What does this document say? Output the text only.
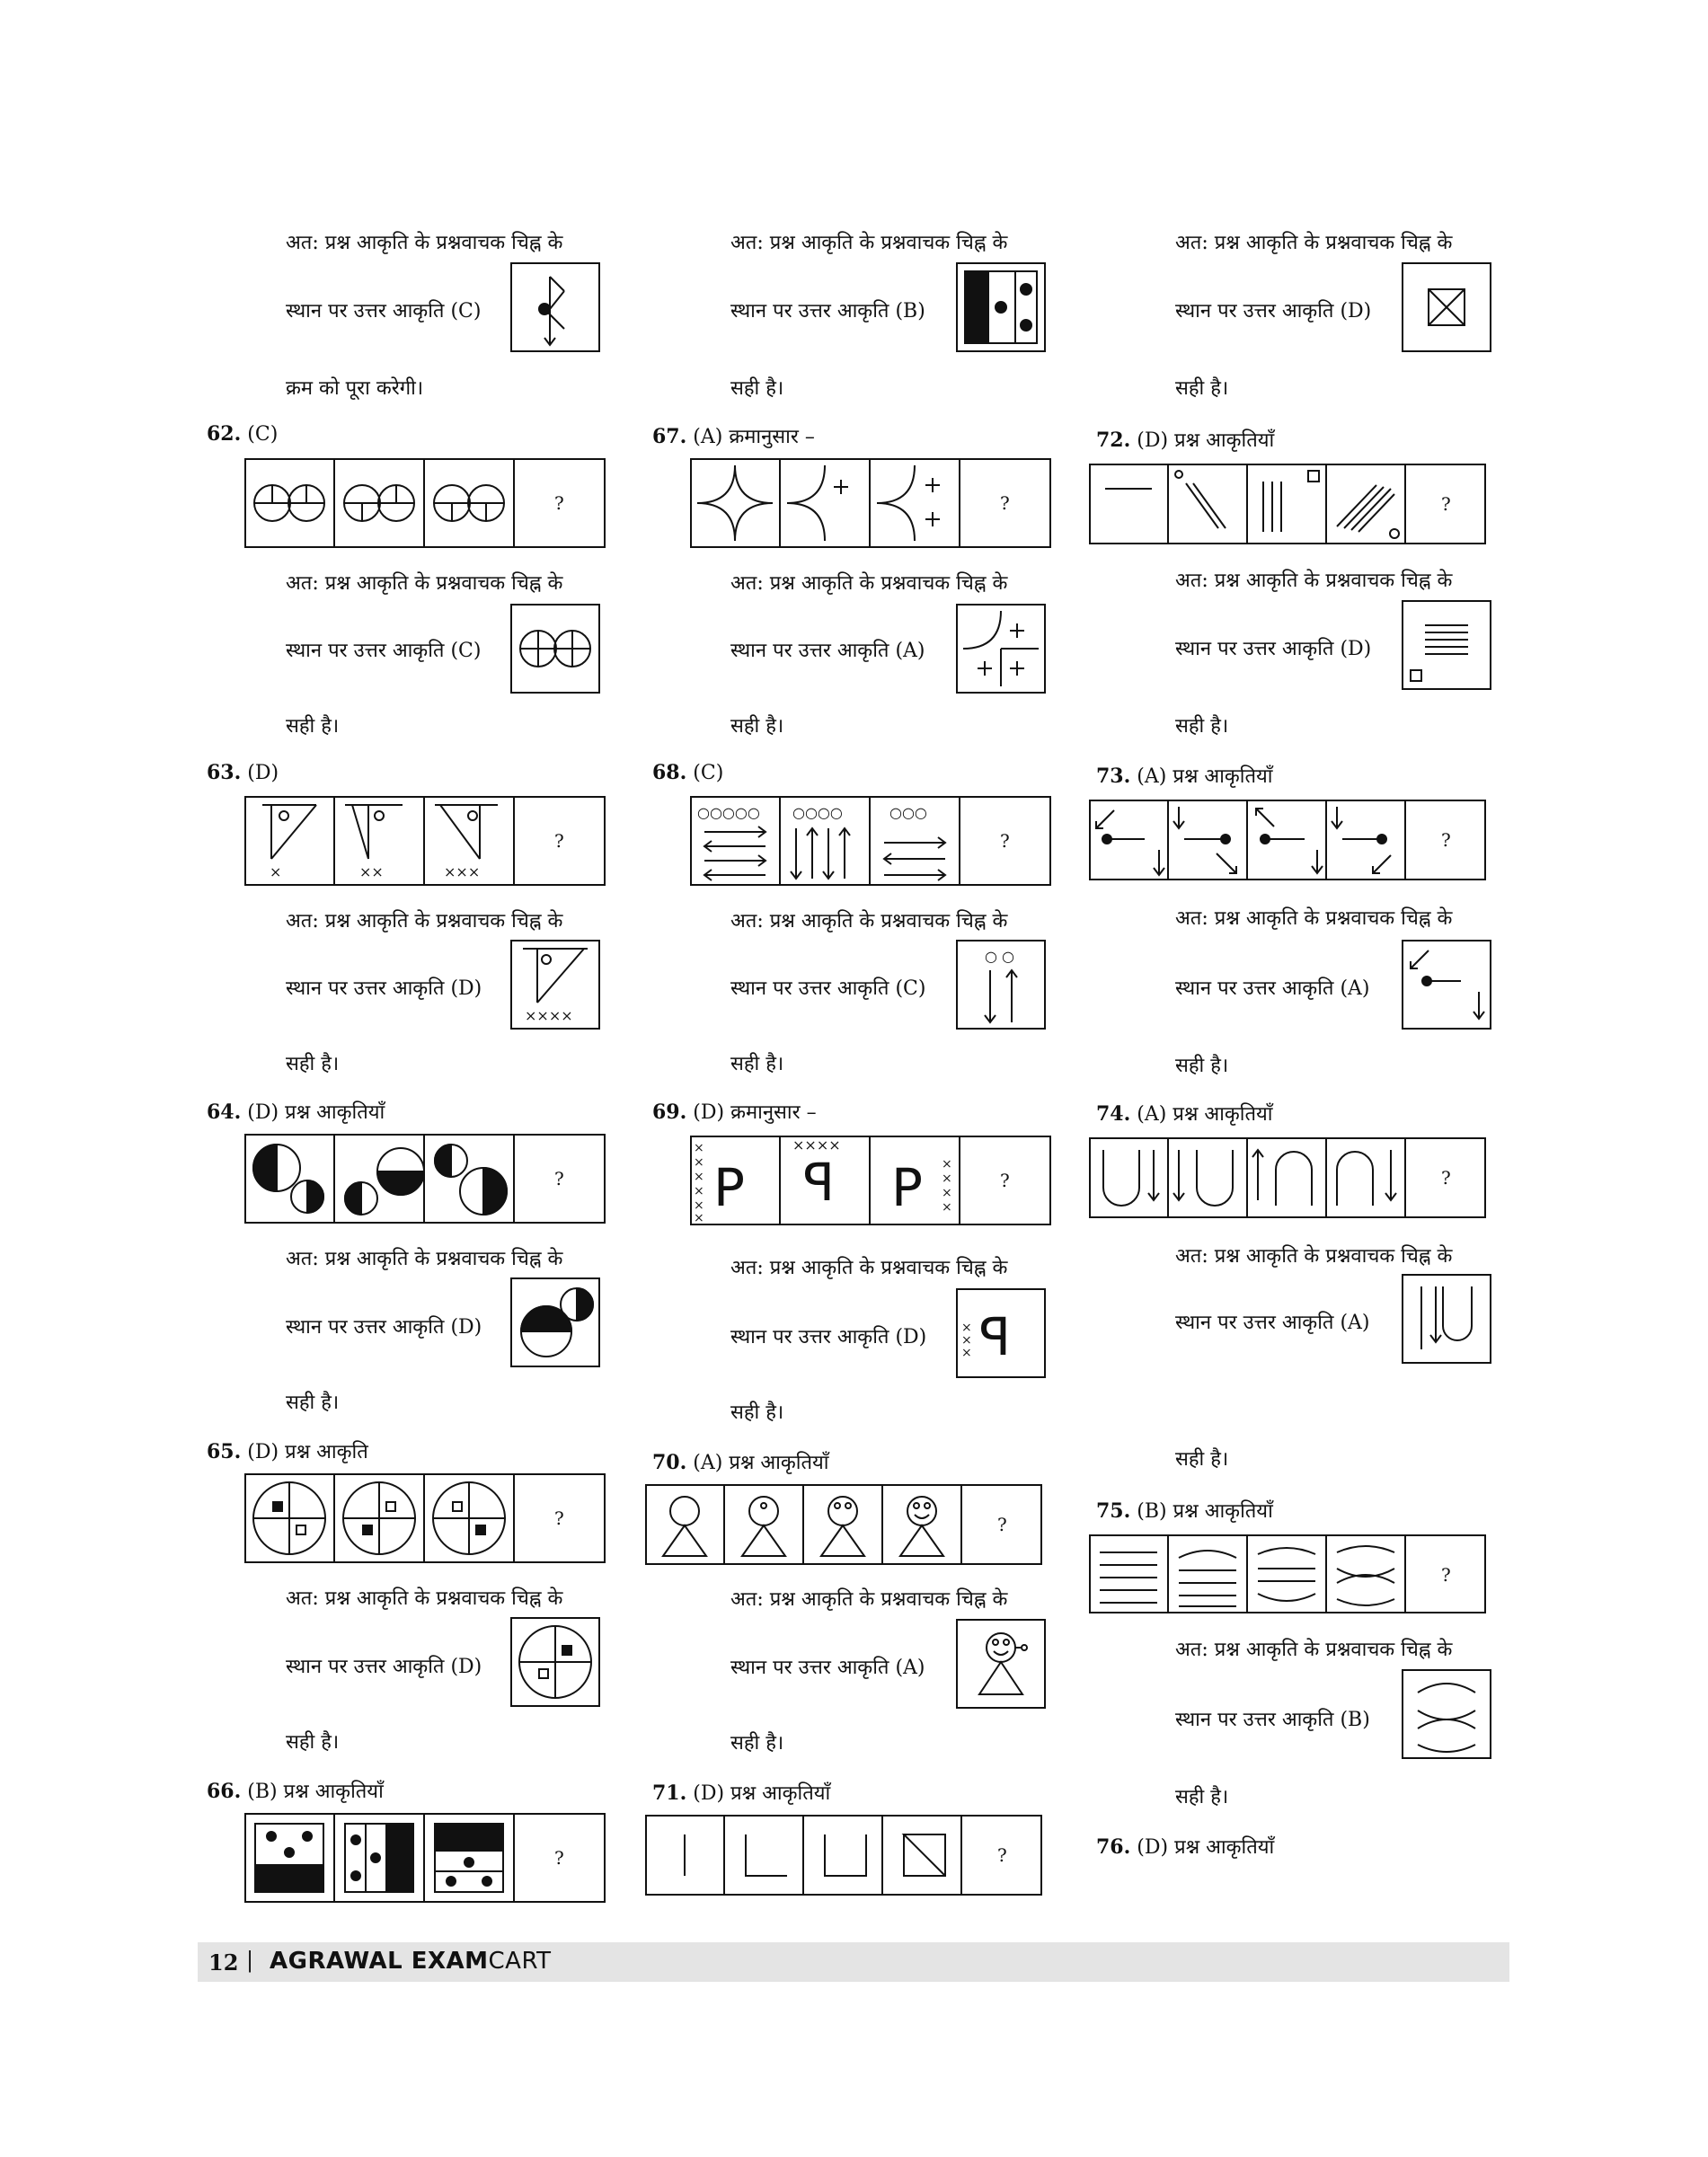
अत: प्रश्न आकृति के प्रश्नवाचक चिह्न के
स्थान पर उत्तर आकृति (C)
क्रम को पूरा करेगी।
अत: प्रश्न आकृति के प्रश्नवाचक चिह्न के
स्थान पर उत्तर आकृति (B)
सही है।
अत: प्रश्न आकृति के प्रश्नवाचक चिह्न के
स्थान पर उत्तर आकृति (D)
सही है।
62. (C)
?
अत: प्रश्न आकृति के प्रश्नवाचक चिह्न के
स्थान पर उत्तर आकृति (C)
सही है।
63. (D)
×	××	×××
?
अत: प्रश्न आकृति के प्रश्नवाचक चिह्न के
स्थान पर उत्तर आकृति (D)
××××
सही है।
64. (D) प्रश्न आकृतियाँ
?
अत: प्रश्न आकृति के प्रश्नवाचक चिह्न के
स्थान पर उत्तर आकृति (D)
सही है।
65. (D) प्रश्न आकृति
?
अत: प्रश्न आकृति के प्रश्नवाचक चिह्न के
स्थान पर उत्तर आकृति (D)
सही है।
66. (B) प्रश्न आकृतियाँ
?
67. (A) क्रमानुसार –
?
अत: प्रश्न आकृति के प्रश्नवाचक चिह्न के
स्थान पर उत्तर आकृति (A)
सही है।
68. (C)
○○○○○ ○○○○	○○○
?
अत: प्रश्न आकृति के प्रश्नवाचक चिह्न के
स्थान पर उत्तर आकृति (C)
○ ○
सही है।
69. (D) क्रमानुसार –
×
×
×
×
×
× P
××××
ꟼ P ×
×
×
×
?
अत: प्रश्न आकृति के प्रश्नवाचक चिह्न के
स्थान पर उत्तर आकृति (D)	×
×
× ꟼ
सही है।
70. (A) प्रश्न आकृतियाँ
?
अत: प्रश्न आकृति के प्रश्नवाचक चिह्न के
स्थान पर उत्तर आकृति (A)
सही है।
71. (D) प्रश्न आकृतियाँ
?
72. (D) प्रश्न आकृतियाँ
?
अत: प्रश्न आकृति के प्रश्नवाचक चिह्न के
स्थान पर उत्तर आकृति (D)
सही है।
73. (A) प्रश्न आकृतियाँ
?
अत: प्रश्न आकृति के प्रश्नवाचक चिह्न के
स्थान पर उत्तर आकृति (A)
सही है।
74. (A) प्रश्न आकृतियाँ
?
अत: प्रश्न आकृति के प्रश्नवाचक चिह्न के
स्थान पर उत्तर आकृति (A)
सही है।
75. (B) प्रश्न आकृतियाँ
?
अत: प्रश्न आकृति के प्रश्नवाचक चिह्न के
स्थान पर उत्तर आकृति (B)
सही है।
76. (D) प्रश्न आकृतियाँ
12 | AGRAWAL EXAMCART
